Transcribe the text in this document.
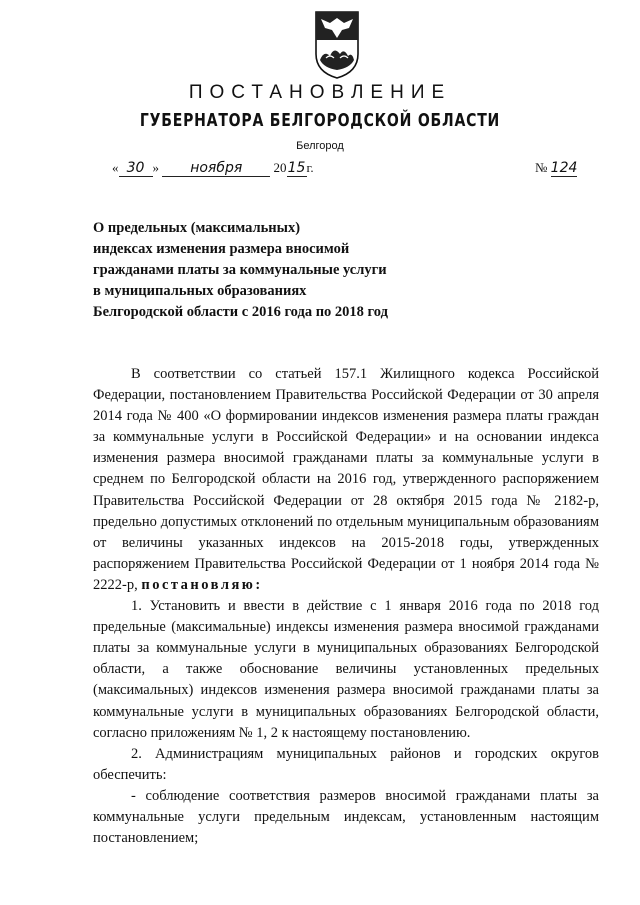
ПОСТАНОВЛЕНИЕ
ГУБЕРНАТОРА БЕЛГОРОДСКОЙ ОБЛАСТИ
Белгород
« 30 » ноября 2015г.	№ 124
О предельных (максимальных)
индексах изменения размера вносимой
гражданами платы за коммунальные услуги
в муниципальных образованиях
Белгородской области с 2016 года по 2018 год

В соответствии со статьей 157.1 Жилищного кодекса Российской Федерации, постановлением Правительства Российской Федерации от 30 апреля 2014 года № 400 «О формировании индексов изменения размера платы граждан за коммунальные услуги в Российской Федерации» и на основании индекса изменения размера вносимой гражданами платы за коммунальные услуги в среднем по Белгородской области на 2016 год, утвержденного распоряжением Правительства Российской Федерации от 28 октября 2015 года № 2182-р, предельно допустимых отклонений по отдельным муниципальным образованиям от величины указанных индексов на 2015-2018 годы, утвержденных распоряжением Правительства Российской Федерации от 1 ноября 2014 года № 2222-р, постановляю:

1. Установить и ввести в действие с 1 января 2016 года по 2018 год предельные (максимальные) индексы изменения размера вносимой гражданами платы за коммунальные услуги в муниципальных образованиях Белгородской области, а также обоснование величины установленных предельных (максимальных) индексов изменения размера вносимой гражданами платы за коммунальные услуги в муниципальных образованиях Белгородской области, согласно приложениям № 1, 2 к настоящему постановлению.

2. Администрациям муниципальных районов и городских округов обеспечить:

- соблюдение соответствия размеров вносимой гражданами платы за коммунальные услуги предельным индексам, установленным настоящим постановлением;
